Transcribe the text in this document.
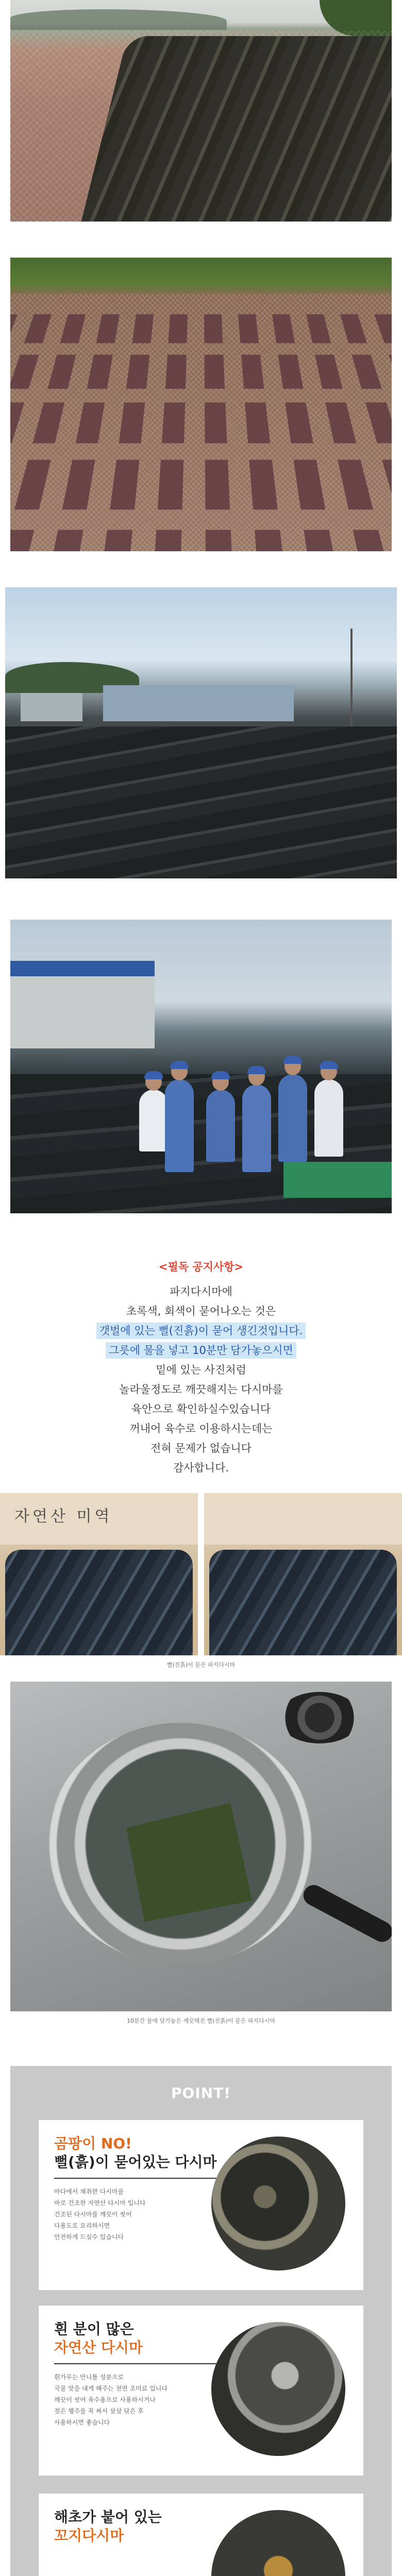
<필독 공지사항>
파지다시마에
초록색, 회색이 묻어나오는 것은
갯벌에 있는 뻘(진흙)이 묻어 생긴것입니다.
그릇에 물을 넣고 10분만 담가놓으시면
밑에 있는 사진처럼
놀라울정도로 깨끗해지는 다시마를
육안으로 확인하실수있습니다
꺼내어 육수로 이용하시는데는
전혀 문제가 없습니다
감사합니다.
자연산 미역
뻘(진흙)이 묻은 파지다시마
10분간 물에 담가놓은 깨끗해진 뻘(진흙)이 묻은 파지다시마
POINT!
곰팡이 NO!
뻘(흙)이 묻어있는 다시마
바다에서 채취한 다시마를
바로 건조한 자연산 다시마 입니다
건조된 다시마를 깨끗이 씻어
다용도로 요리하시면
안전하게 드실수 있습니다
흰 분이 많은
자연산 다시마
흰가루는 만니톨 성분으로
국물 맛을 내게 해주는 천연 조미료 입니다
깨끗이 씻어 육수용으로 사용하시거나
젖은 행주를 꼭 짜서 살살 닦은 후
사용하시면 좋습니다
해초가 붙어 있는
꼬지다시마
